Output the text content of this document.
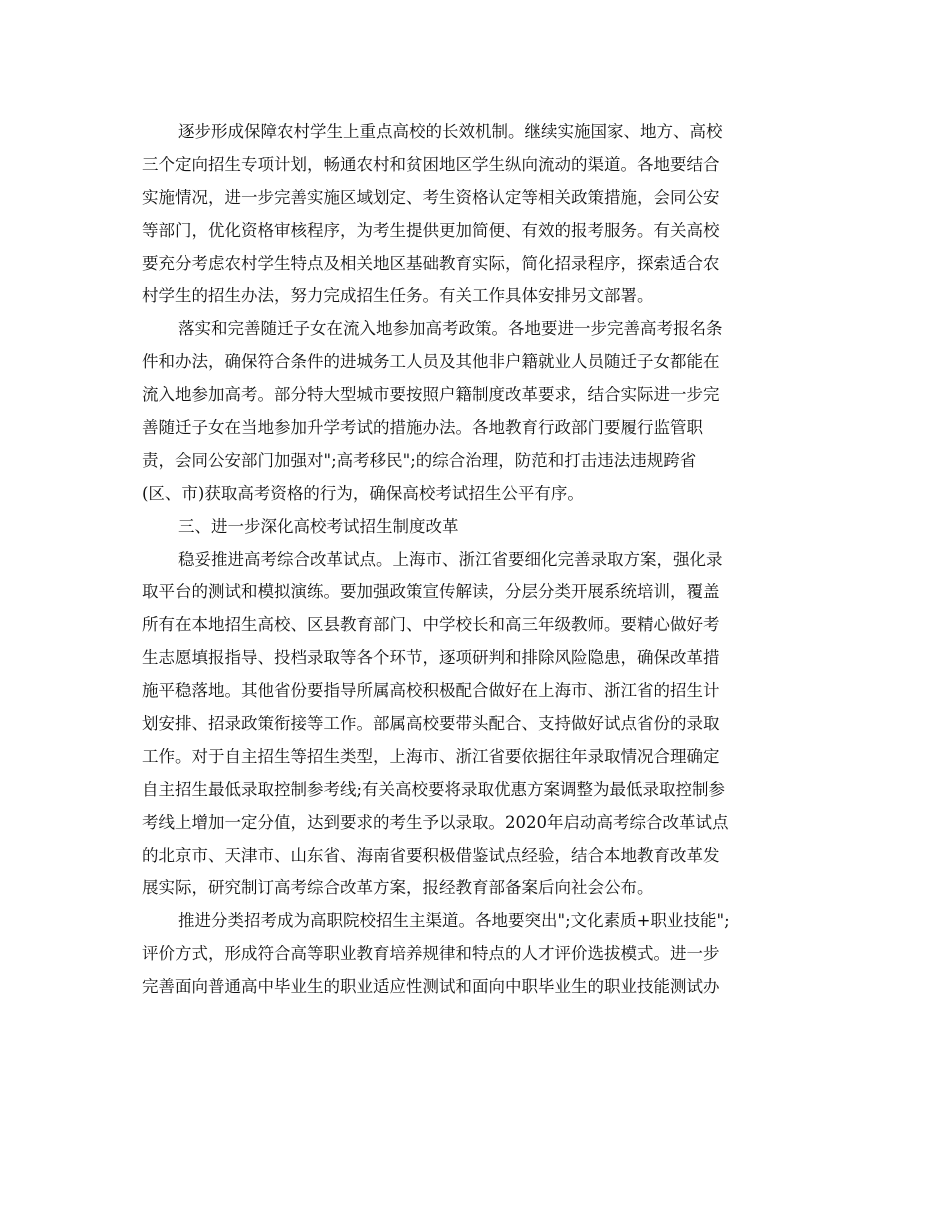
逐步形成保障农村学生上重点高校的长效机制。继续实施国家、地方、高校
三个定向招生专项计划，畅通农村和贫困地区学生纵向流动的渠道。各地要结合
实施情况，进一步完善实施区域划定、考生资格认定等相关政策措施，会同公安
等部门，优化资格审核程序，为考生提供更加简便、有效的报考服务。有关高校
要充分考虑农村学生特点及相关地区基础教育实际，简化招录程序，探索适合农
村学生的招生办法，努力完成招生任务。有关工作具体安排另文部署。
落实和完善随迁子女在流入地参加高考政策。各地要进一步完善高考报名条
件和办法，确保符合条件的进城务工人员及其他非户籍就业人员随迁子女都能在
流入地参加高考。部分特大型城市要按照户籍制度改革要求，结合实际进一步完
善随迁子女在当地参加升学考试的措施办法。各地教育行政部门要履行监管职
责，会同公安部门加强对";高考移民";的综合治理，防范和打击违法违规跨省
(区、市)获取高考资格的行为，确保高校考试招生公平有序。
三、进一步深化高校考试招生制度改革
稳妥推进高考综合改革试点。上海市、浙江省要细化完善录取方案，强化录
取平台的测试和模拟演练。要加强政策宣传解读，分层分类开展系统培训，覆盖
所有在本地招生高校、区县教育部门、中学校长和高三年级教师。要精心做好考
生志愿填报指导、投档录取等各个环节，逐项研判和排除风险隐患，确保改革措
施平稳落地。其他省份要指导所属高校积极配合做好在上海市、浙江省的招生计
划安排、招录政策衔接等工作。部属高校要带头配合、支持做好试点省份的录取
工作。对于自主招生等招生类型，上海市、浙江省要依据往年录取情况合理确定
自主招生最低录取控制参考线;有关高校要将录取优惠方案调整为最低录取控制参
考线上增加一定分值，达到要求的考生予以录取。2020年启动高考综合改革试点
的北京市、天津市、山东省、海南省要积极借鉴试点经验，结合本地教育改革发
展实际，研究制订高考综合改革方案，报经教育部备案后向社会公布。
推进分类招考成为高职院校招生主渠道。各地要突出";文化素质+职业技能";
评价方式，形成符合高等职业教育培养规律和特点的人才评价选拔模式。进一步
完善面向普通高中毕业生的职业适应性测试和面向中职毕业生的职业技能测试办
